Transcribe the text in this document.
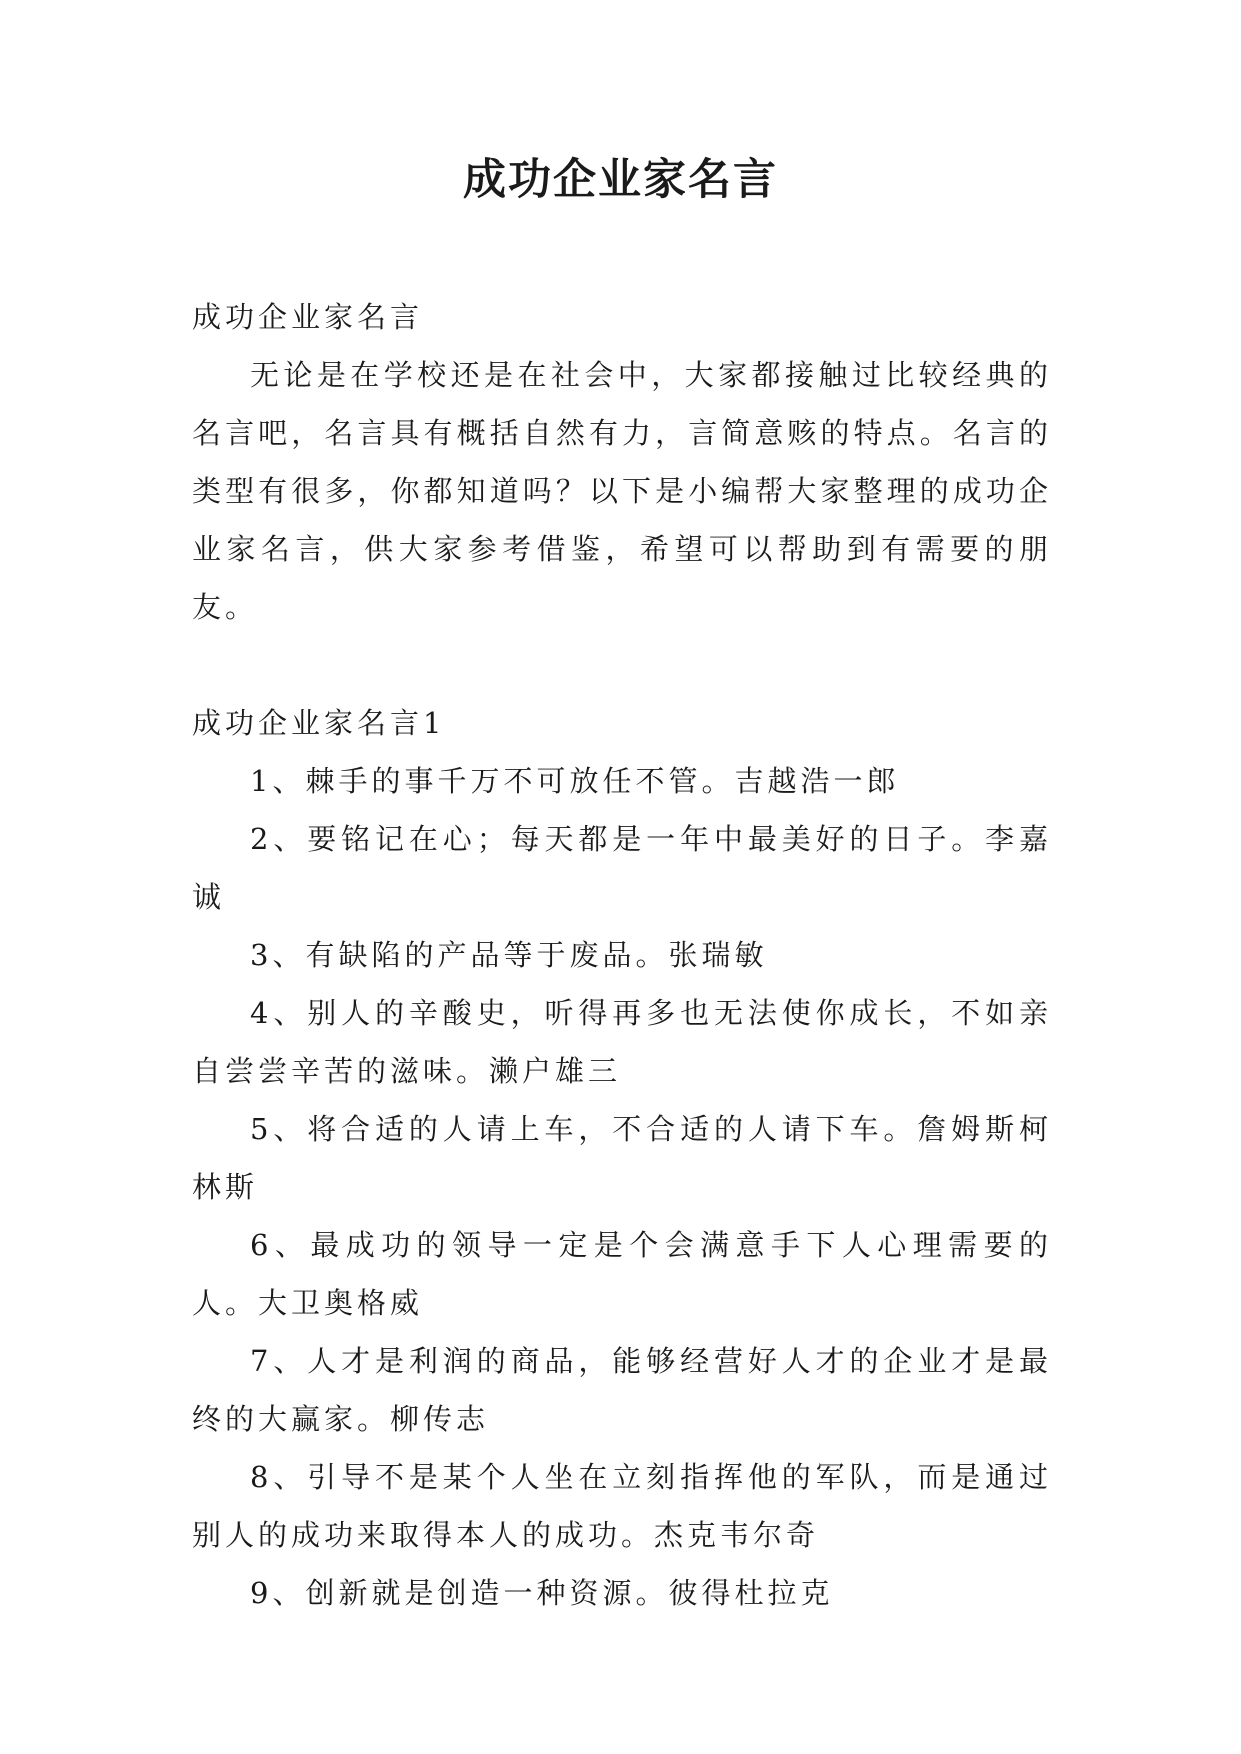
成功企业家名言

成功企业家名言

无论是在学校还是在社会中，大家都接触过比较经典的名言吧，名言具有概括自然有力，言简意赅的特点。名言的类型有很多，你都知道吗？以下是小编帮大家整理的成功企业家名言，供大家参考借鉴，希望可以帮助到有需要的朋友。

成功企业家名言1

1、棘手的事千万不可放任不管。吉越浩一郎

2、要铭记在心；每天都是一年中最美好的日子。李嘉诚

3、有缺陷的产品等于废品。张瑞敏

4、别人的辛酸史，听得再多也无法使你成长，不如亲自尝尝辛苦的滋味。濑户雄三

5、将合适的人请上车，不合适的人请下车。詹姆斯柯林斯

6、最成功的领导一定是个会满意手下人心理需要的人。大卫奥格威

7、人才是利润的商品，能够经营好人才的企业才是最终的大赢家。柳传志

8、引导不是某个人坐在立刻指挥他的军队，而是通过别人的成功来取得本人的成功。杰克韦尔奇

9、创新就是创造一种资源。彼得杜拉克
